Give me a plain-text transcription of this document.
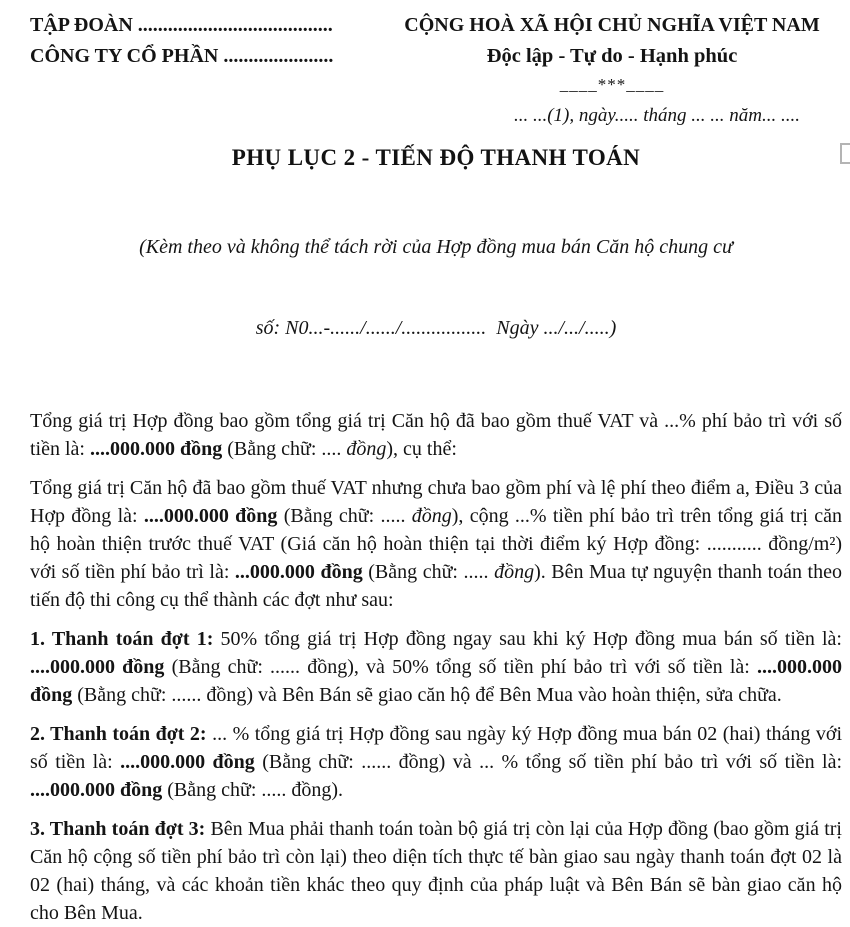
TẬP ĐOÀN .......................................
CÔNG TY CỔ PHẦN ......................
CỘNG HOÀ XÃ HỘI CHỦ NGHĨA VIỆT NAM
Độc lập - Tự do - Hạnh phúc
____***____
... ...(1), ngày..... tháng ... ... năm... ....
PHỤ LỤC 2 - TIẾN ĐỘ THANH TOÁN

(Kèm theo và không thể tách rời của Hợp đồng mua bán Căn hộ chung cư

số: N0...-....../....../.................  Ngày .../.../.....)

Tổng giá trị Hợp đồng bao gồm tổng giá trị Căn hộ đã bao gồm thuế VAT và ...% phí bảo trì với số tiền là: ....000.000 đồng (Bằng chữ: .... đồng), cụ thể:

Tổng giá trị Căn hộ đã bao gồm thuế VAT nhưng chưa bao gồm phí và lệ phí theo điểm a, Điều 3 của Hợp đồng là: ....000.000 đồng (Bằng chữ: ..... đồng), cộng ...% tiền phí bảo trì trên tổng giá trị căn hộ hoàn thiện trước thuế VAT (Giá căn hộ hoàn thiện tại thời điểm ký Hợp đồng: ........... đồng/m²) với số tiền phí bảo trì là: ...000.000 đồng (Bằng chữ: ..... đồng). Bên Mua tự nguyện thanh toán theo tiến độ thi công cụ thể thành các đợt như sau:

1. Thanh toán đợt 1: 50% tổng giá trị Hợp đồng ngay sau khi ký Hợp đồng mua bán số tiền là: ....000.000 đồng (Bằng chữ: ...... đồng), và 50% tổng số tiền phí bảo trì với số tiền là: ....000.000 đồng (Bằng chữ: ...... đồng) và Bên Bán sẽ giao căn hộ để Bên Mua vào hoàn thiện, sửa chữa.

2. Thanh toán đợt 2: ... % tổng giá trị Hợp đồng sau ngày ký Hợp đồng mua bán 02 (hai) tháng với số tiền là: ....000.000 đồng (Bằng chữ: ...... đồng) và ... % tổng số tiền phí bảo trì với số tiền là: ....000.000 đồng (Bằng chữ: ..... đồng).

3. Thanh toán đợt 3: Bên Mua phải thanh toán toàn bộ giá trị còn lại của Hợp đồng (bao gồm giá trị Căn hộ cộng số tiền phí bảo trì còn lại) theo diện tích thực tế bàn giao sau ngày thanh toán đợt 02 là 02 (hai) tháng, và các khoản tiền khác theo quy định của pháp luật và Bên Bán sẽ bàn giao căn hộ cho Bên Mua.
